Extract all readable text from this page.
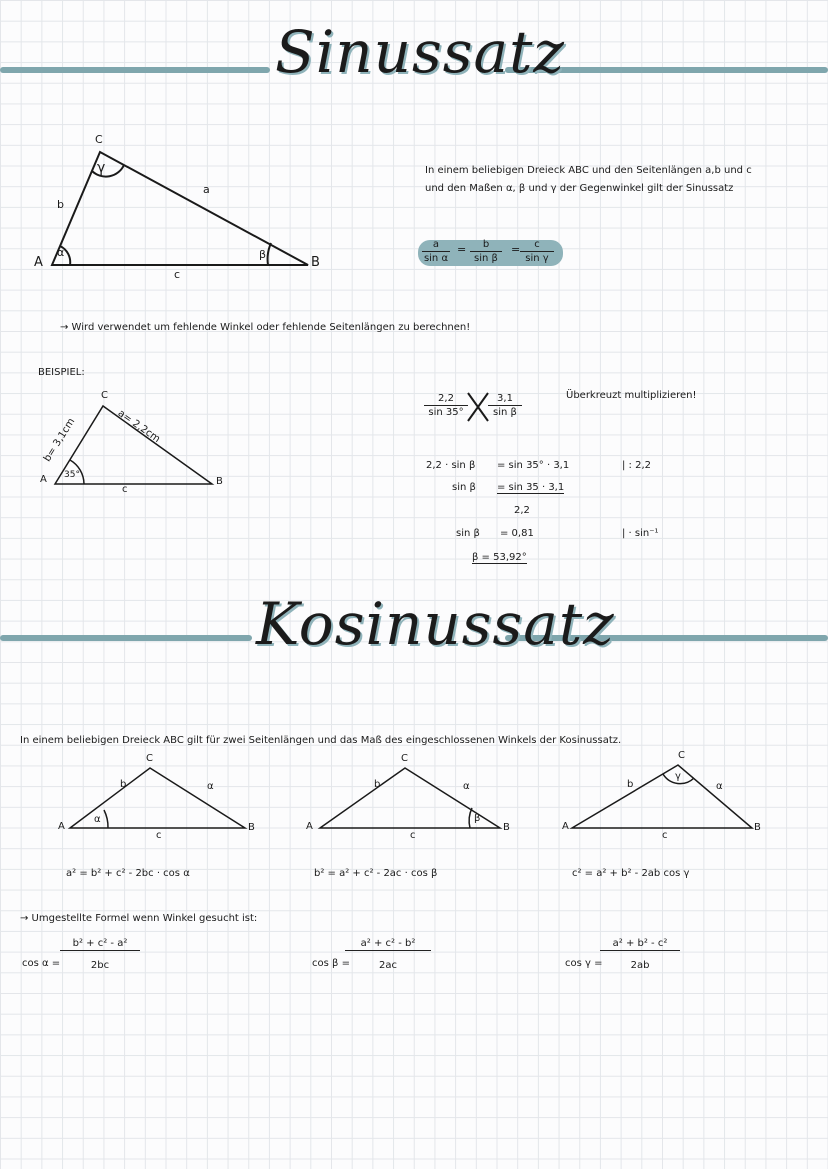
Sinussatz
A	B
C
a
b
c
α	β
γ	In einem beliebigen Dreieck ABC und den Seitenlängen a,b und c
und den Maßen α, β und γ der Gegenwinkel gilt der Sinussatz
$\frac{a}{\text{sin α}} = \frac{b}{\text{sin β}} = \frac{c}{\text{sin γ}}$
→ Wird verwendet um fehlende Winkel oder fehlende Seitenlängen zu berechnen!
BEISPIEL:
C
A	B
c
a= 2,2cm
b= 3,1cm
35°
$\frac{2,2}{\sin 35^\circ} \frac{3,1}{\text{sin β}}$	Überkreuzt multiplizieren!
2,2 · sin β = sin 35° · 3,1	| : 2,2
sin β = sin 35 · 3,1
2,2
sin β = 0,81	| · sin⁻¹
β = 53,92°
Kosinussatz
In einem beliebigen Dreieck ABC gilt für zwei Seitenlängen und das Maß des eingeschlossenen Winkels der Kosinussatz.
A	B
C
b	α
c
α
A	B
C
b	α
c
β
A	B
C
b	α
c
γ
a² = b² + c² - 2bc · cos α	b² = a² + c² - 2ac · cos β	c² = a² + b² - 2ab cos γ
→ Umgestellte Formel wenn Winkel gesucht ist:
$\cos \alpha = \frac{\text{b² + c² - a²}}{2bc}$	cos β =
$\frac{\text{a² + c² - b²}}{2ac}$	cos γ =
$\frac{\text{a² + b² - c²}}{2ab}$
